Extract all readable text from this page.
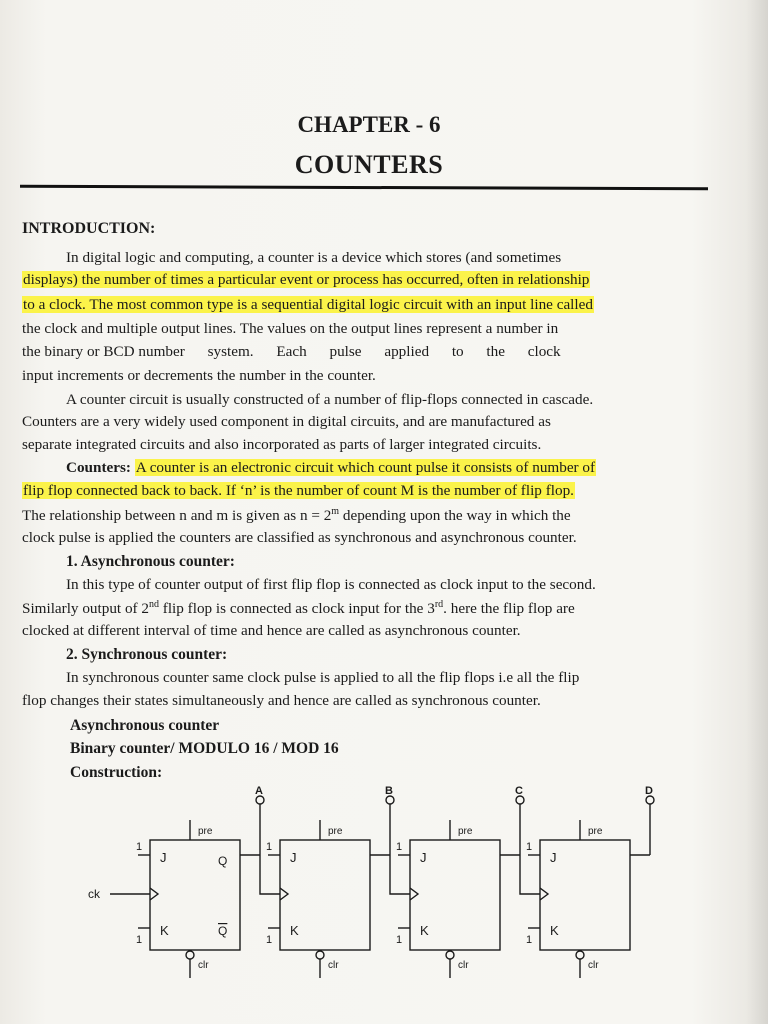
CHAPTER - 6
COUNTERS
INTRODUCTION:
In digital logic and computing, a counter is a device which stores (and sometimes
displays) the number of times a particular event or process has occurred, often in relationship
to a clock. The most common type is a sequential digital logic circuit with an input line called
the clock and multiple output lines. The values on the output lines represent a number in
the binary or BCD number      system.      Each      pulse      applied      to      the      clock
input increments or decrements the number in the counter.
A counter circuit is usually constructed of a number of flip-flops connected in cascade.
Counters are a very widely used component in digital circuits, and are manufactured as
separate integrated circuits and also incorporated as parts of larger integrated circuits.
Counters: A counter is an electronic circuit which count pulse it consists of number of
flip flop connected back to back. If ‘n’ is the number of count M is the number of flip flop.
The relationship between n and m is given as $n = 2^m$ depending upon the way in which the
clock pulse is applied the counters are classified as synchronous and asynchronous counter.
1. Asynchronous counter:
In this type of counter output of first flip flop is connected as clock input to the second.
Similarly output of 2nd flip flop is connected as clock input for the 3rd. here the flip flop are
clocked at different interval of time and hence are called as asynchronous counter.
2. Synchronous counter:
In synchronous counter same clock pulse is applied to all the flip flops i.e all the flip
flop changes their states simultaneously and hence are called as synchronous counter.
Asynchronous counter
Binary counter/ MODULO 16 / MOD 16
Construction:
pre
clr
J
K
1
1
A
Q
Q
ck
pre
clr
J
K
1
1
B
pre
clr
J
K
1
1
C
pre
clr
J
K
1
1
D
